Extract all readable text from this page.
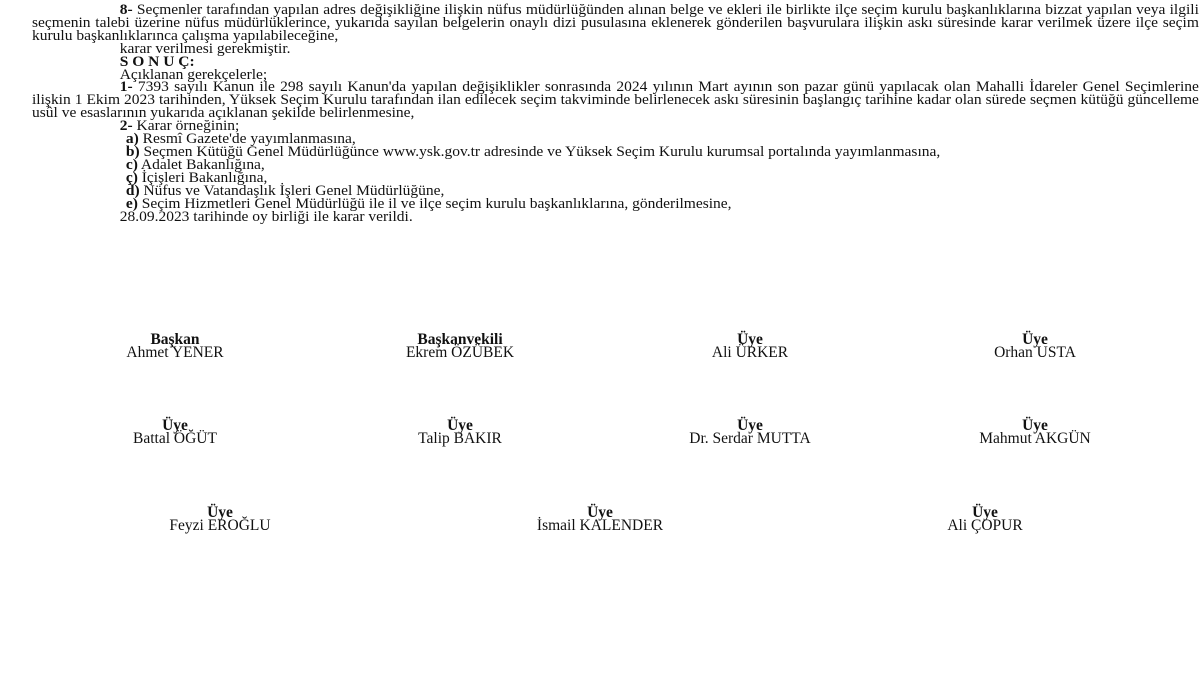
8- Seçmenler tarafından yapılan adres değişikliğine ilişkin nüfus müdürlüğünden alınan belge ve ekleri ile birlikte ilçe seçim kurulu başkanlıklarına bizzat yapılan veya ilgili seçmenin talebi üzerine nüfus müdürlüklerince, yukarıda sayılan belgelerin onaylı dizi pusulasına eklenerek gönderilen başvurulara ilişkin askı süresinde karar verilmek üzere ilçe seçim kurulu başkanlıklarınca çalışma yapılabileceğine,

karar verilmesi gerekmiştir.

S O N U Ç:

Açıklanan gerekçelerle;

1- 7393 sayılı Kanun ile 298 sayılı Kanun'da yapılan değişiklikler sonrasında 2024 yılının Mart ayının son pazar günü yapılacak olan Mahalli İdareler Genel Seçimlerine ilişkin 1 Ekim 2023 tarihinden, Yüksek Seçim Kurulu tarafından ilan edilecek seçim takviminde belirlenecek askı süresinin başlangıç tarihine kadar olan sürede seçmen kütüğü güncelleme usûl ve esaslarının yukarıda açıklanan şekilde belirlenmesine,

2- Karar örneğinin;

a) Resmî Gazete'de yayımlanmasına,

b) Seçmen Kütüğü Genel Müdürlüğünce www.ysk.gov.tr adresinde ve Yüksek Seçim Kurulu kurumsal portalında yayımlanmasına,

c) Adalet Bakanlığına,

ç) İçişleri Bakanlığına,

d) Nüfus ve Vatandaşlık İşleri Genel Müdürlüğüne,

e) Seçim Hizmetleri Genel Müdürlüğü ile il ve ilçe seçim kurulu başkanlıklarına, gönderilmesine,

28.09.2023 tarihinde oy birliği ile karar verildi.

Başkan
Ahmet YENER
Başkanvekili
Ekrem ÖZÜBEK
Üye
Ali ÜRKER
Üye
Orhan USTA
Üye
Battal ÖĞÜT
Üye
Talip BAKIR
Üye
Dr. Serdar MUTTA
Üye
Mahmut AKGÜN
Üye
Feyzi EROĞLU
Üye
İsmail KALENDER
Üye
Ali ÇOPUR
